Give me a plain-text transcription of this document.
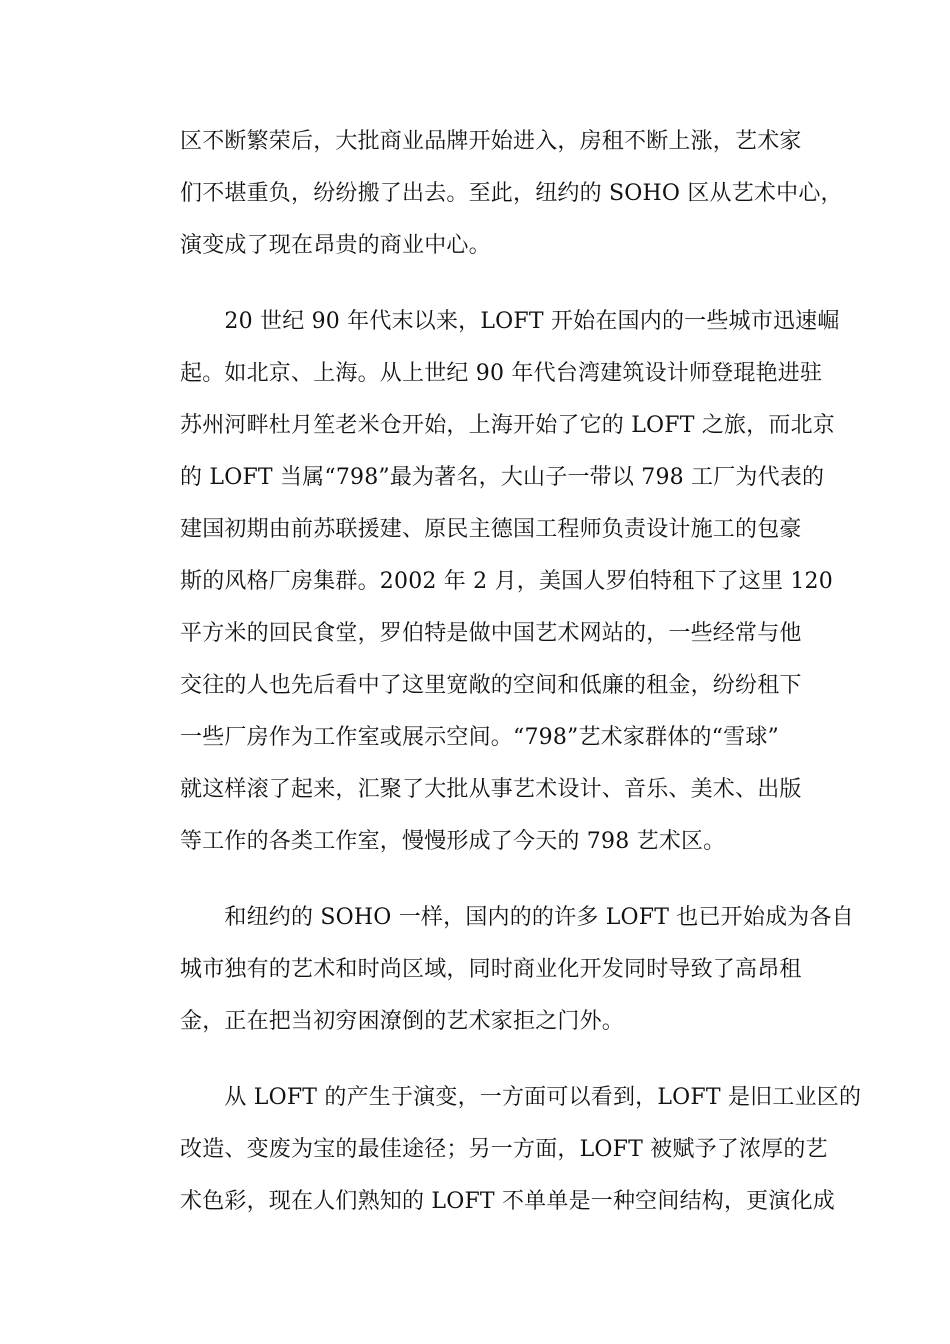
区不断繁荣后，大批商业品牌开始进入，房租不断上涨，艺术家
们不堪重负，纷纷搬了出去。至此，纽约的 SOHO 区从艺术中心，
演变成了现在昂贵的商业中心。
　　20 世纪 90 年代末以来，LOFT 开始在国内的一些城市迅速崛
起。如北京、上海。从上世纪 90 年代台湾建筑设计师登琨艳进驻
苏州河畔杜月笙老米仓开始，上海开始了它的 LOFT 之旅，而北京
的 LOFT 当属“798”最为著名，大山子一带以 798 工厂为代表的
建国初期由前苏联援建、原民主德国工程师负责设计施工的包豪
斯的风格厂房集群。2002 年 2 月，美国人罗伯特租下了这里 120
平方米的回民食堂，罗伯特是做中国艺术网站的，一些经常与他
交往的人也先后看中了这里宽敞的空间和低廉的租金，纷纷租下
一些厂房作为工作室或展示空间。“798”艺术家群体的“雪球”
就这样滚了起来，汇聚了大批从事艺术设计、音乐、美术、出版
等工作的各类工作室，慢慢形成了今天的 798 艺术区。
　　和纽约的 SOHO 一样，国内的的许多 LOFT 也已开始成为各自
城市独有的艺术和时尚区域，同时商业化开发同时导致了高昂租
金，正在把当初穷困潦倒的艺术家拒之门外。
　　从 LOFT 的产生于演变，一方面可以看到，LOFT 是旧工业区的
改造、变废为宝的最佳途径；另一方面，LOFT 被赋予了浓厚的艺
术色彩，现在人们熟知的 LOFT 不单单是一种空间结构，更演化成
